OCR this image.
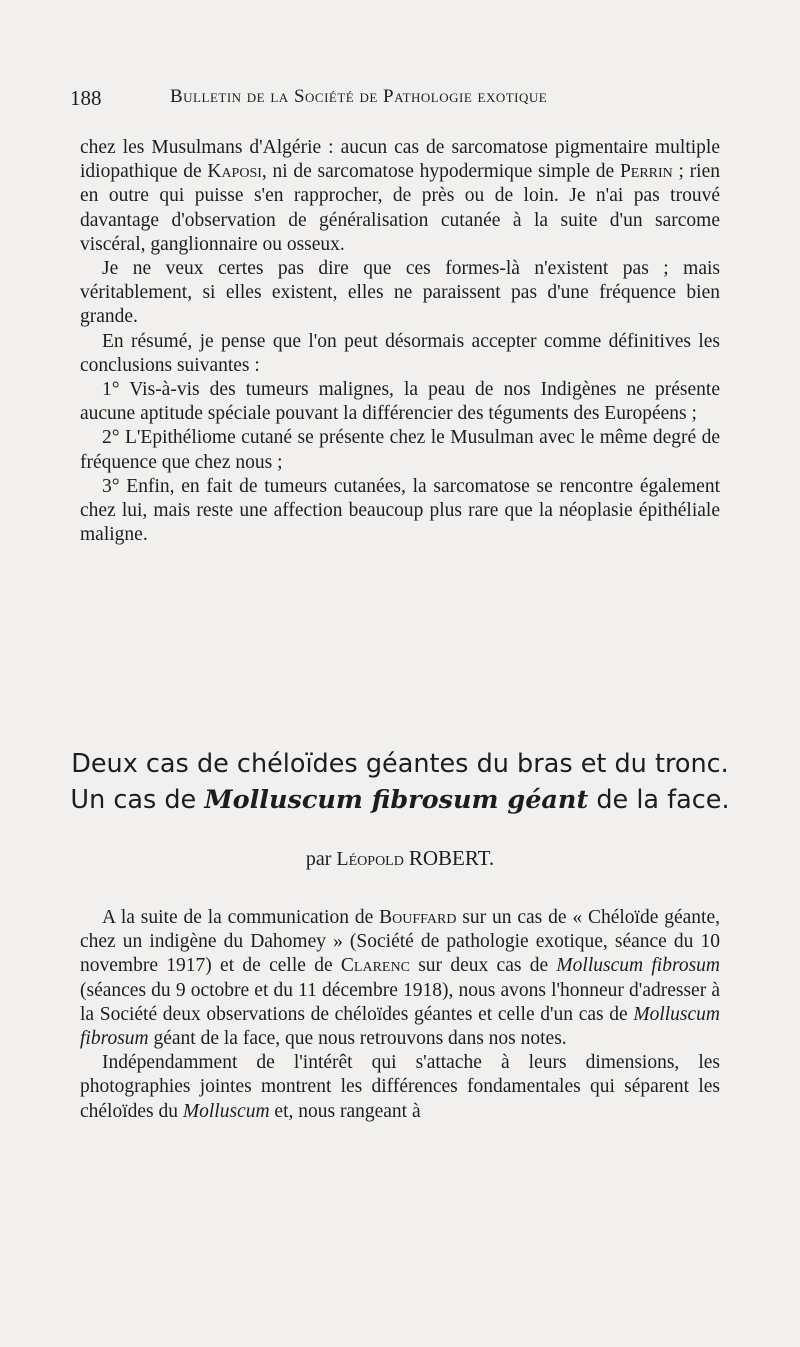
188	Bulletin de la Société de Pathologie exotique

chez les Musulmans d'Algérie : aucun cas de sarcomatose pigmentaire multiple idiopathique de Kaposi, ni de sarcomatose hypodermique simple de Perrin ; rien en outre qui puisse s'en rapprocher, de près ou de loin. Je n'ai pas trouvé davantage d'observation de généralisation cutanée à la suite d'un sarcome viscéral, ganglionnaire ou osseux.

Je ne veux certes pas dire que ces formes-là n'existent pas ; mais véritablement, si elles existent, elles ne paraissent pas d'une fréquence bien grande.

En résumé, je pense que l'on peut désormais accepter comme définitives les conclusions suivantes :

1° Vis-à-vis des tumeurs malignes, la peau de nos Indigènes ne présente aucune aptitude spéciale pouvant la différencier des téguments des Européens ;

2° L'Epithéliome cutané se présente chez le Musulman avec le même degré de fréquence que chez nous ;

3° Enfin, en fait de tumeurs cutanées, la sarcomatose se rencontre également chez lui, mais reste une affection beaucoup plus rare que la néoplasie épithéliale maligne.

Deux cas de chéloïdes géantes du bras et du tronc.
Un cas de Molluscum fibrosum géant de la face.
par Léopold ROBERT.

A la suite de la communication de Bouffard sur un cas de « Chéloïde géante, chez un indigène du Dahomey » (Société de pathologie exotique, séance du 10 novembre 1917) et de celle de Clarenc sur deux cas de Molluscum fibrosum (séances du 9 octobre et du 11 décembre 1918), nous avons l'honneur d'adresser à la Société deux observations de chéloïdes géantes et celle d'un cas de Molluscum fibrosum géant de la face, que nous retrouvons dans nos notes.

Indépendamment de l'intérêt qui s'attache à leurs dimensions, les photographies jointes montrent les différences fondamentales qui séparent les chéloïdes du Molluscum et, nous rangeant à
